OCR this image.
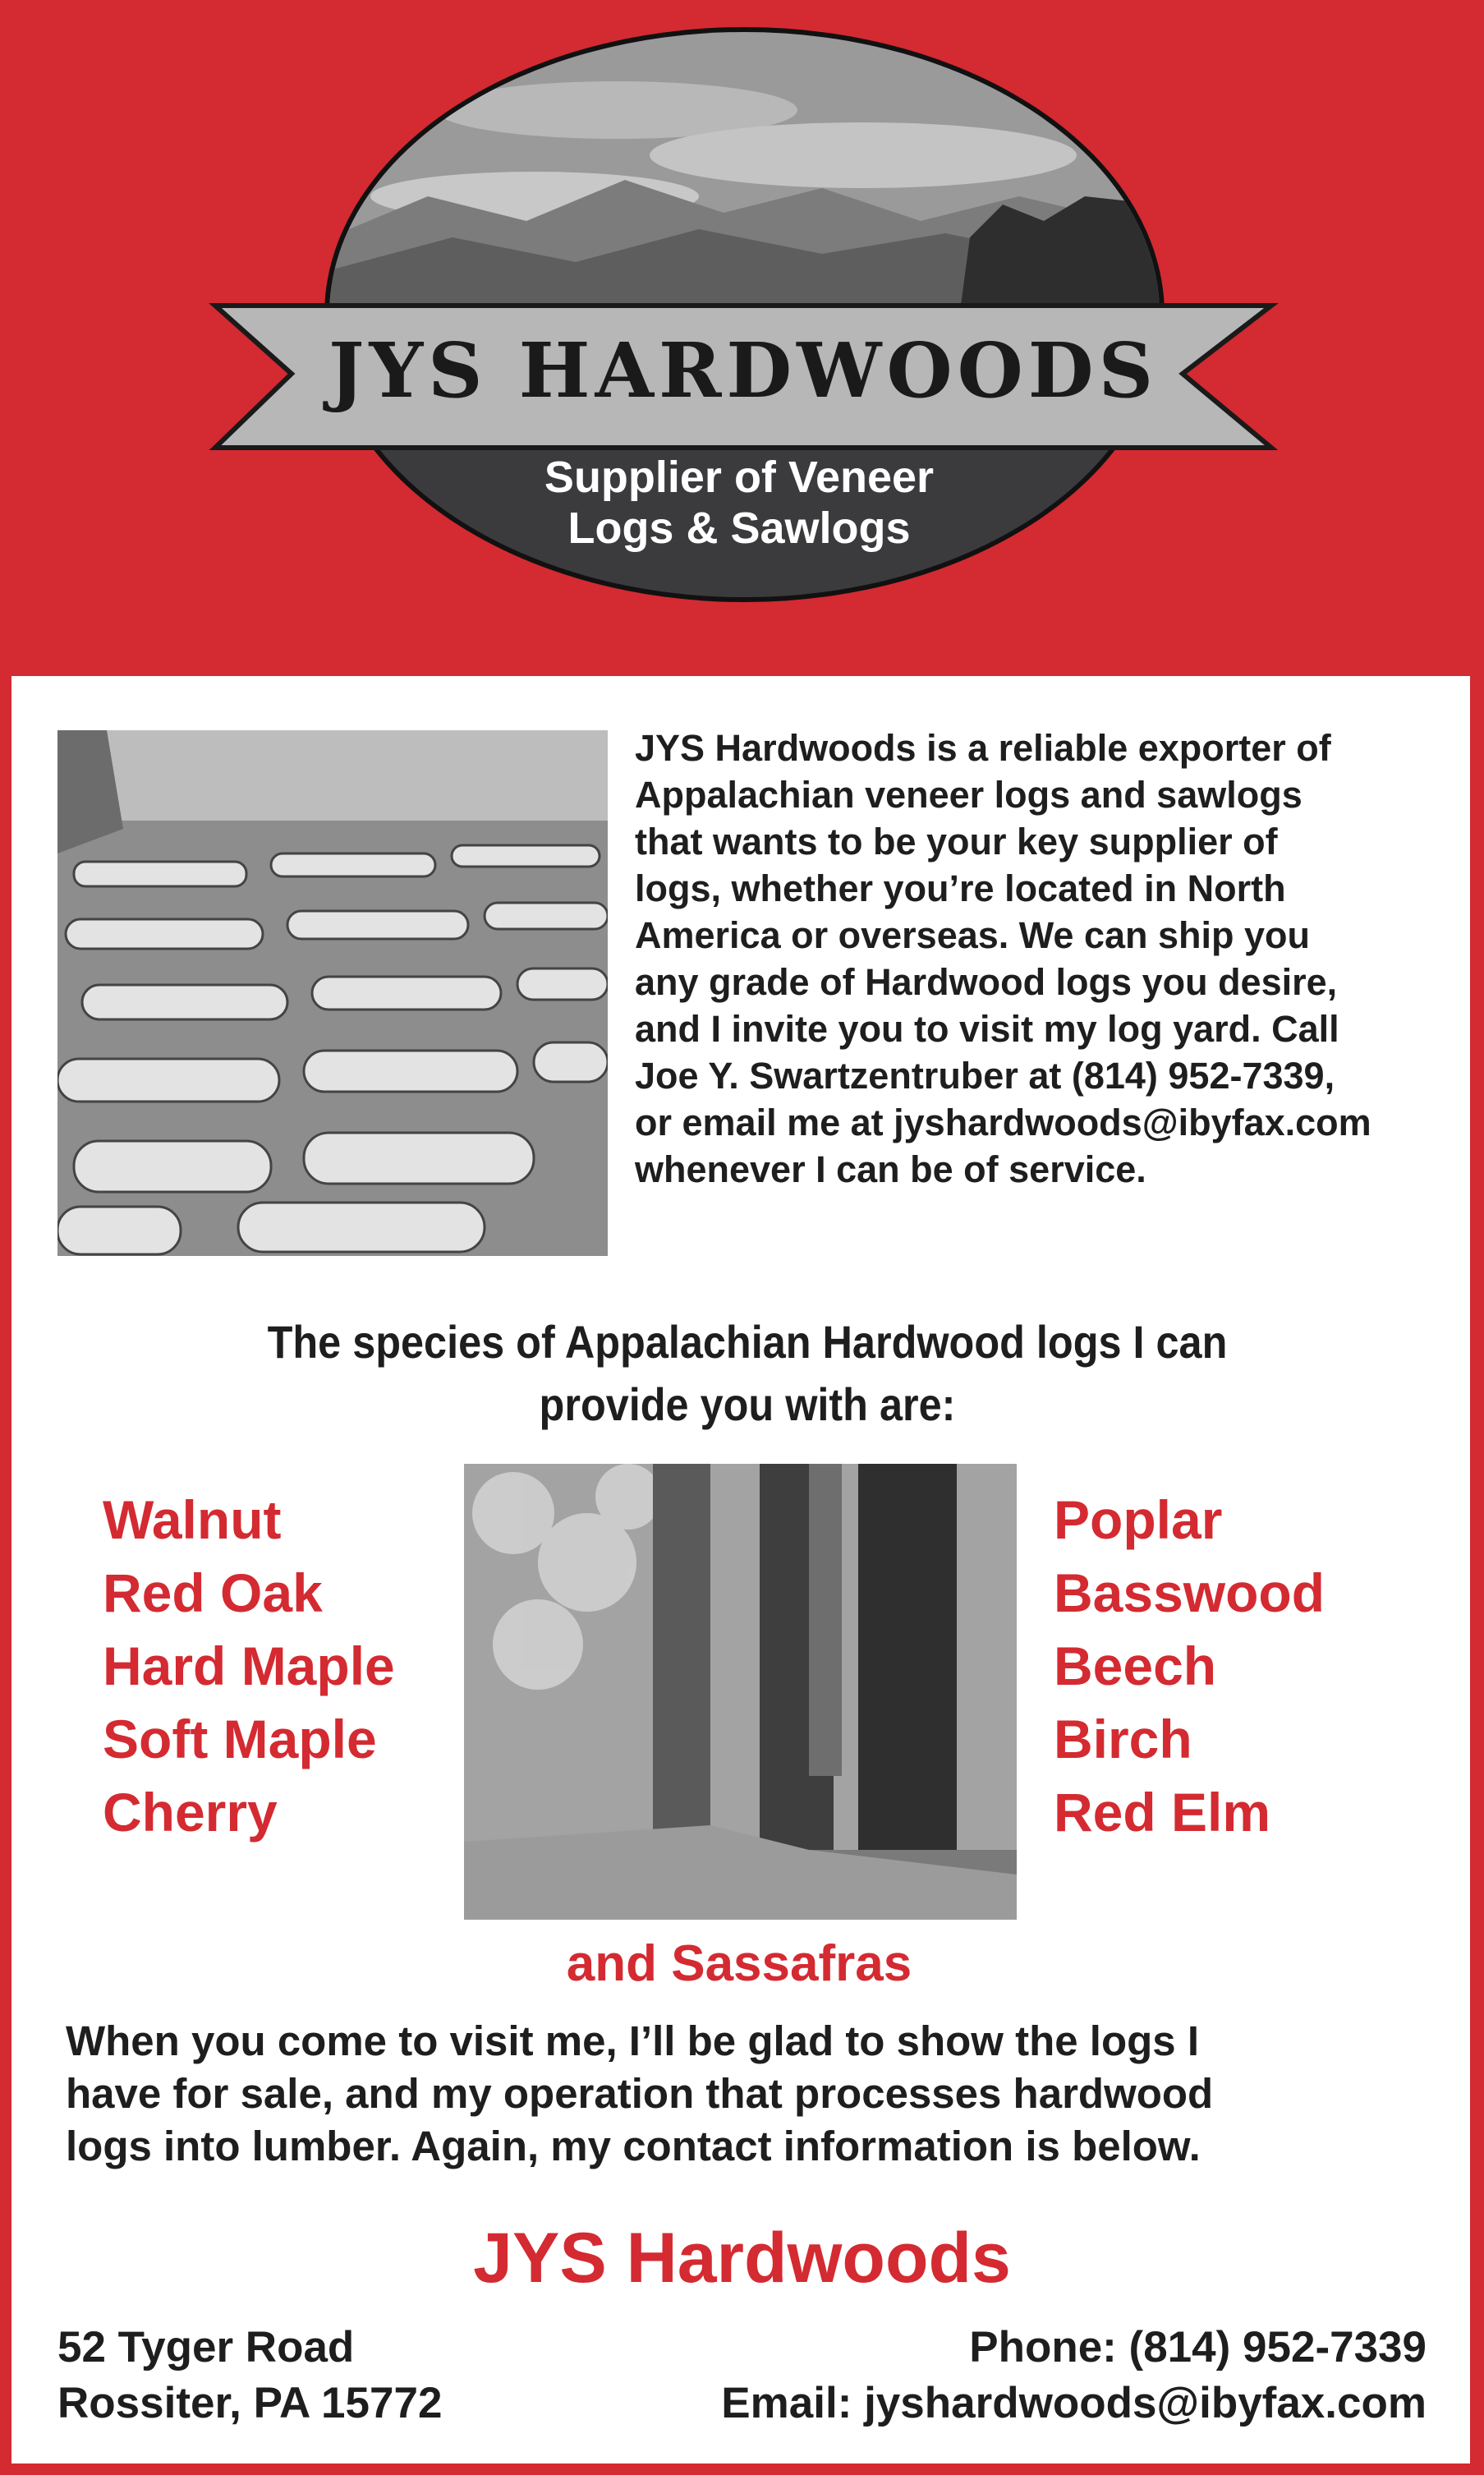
JYS HARDWOODS
Supplier of Veneer
Logs & Sawlogs
JYS Hardwoods is a reliable exporter of
Appalachian veneer logs and sawlogs
that wants to be your key supplier of
logs, whether you’re located in North
America or overseas. We can ship you
any grade of Hardwood logs you desire,
and I invite you to visit my log yard. Call
Joe Y. Swartzentruber at (814) 952-7339,
or email me at jyshardwoods@ibyfax.com
whenever I can be of service.
The species of Appalachian Hardwood logs I can
provide you with are:
Walnut
Red Oak
Hard Maple
Soft Maple
Cherry
Poplar
Basswood
Beech
Birch
Red Elm
and Sassafras
When you come to visit me, I’ll be glad to show the logs I
have for sale, and my operation that processes hardwood
logs into lumber. Again, my contact information is below.
JYS Hardwoods
52 Tyger Road
Rossiter, PA 15772
Phone: (814) 952-7339
Email: jyshardwoods@ibyfax.com
